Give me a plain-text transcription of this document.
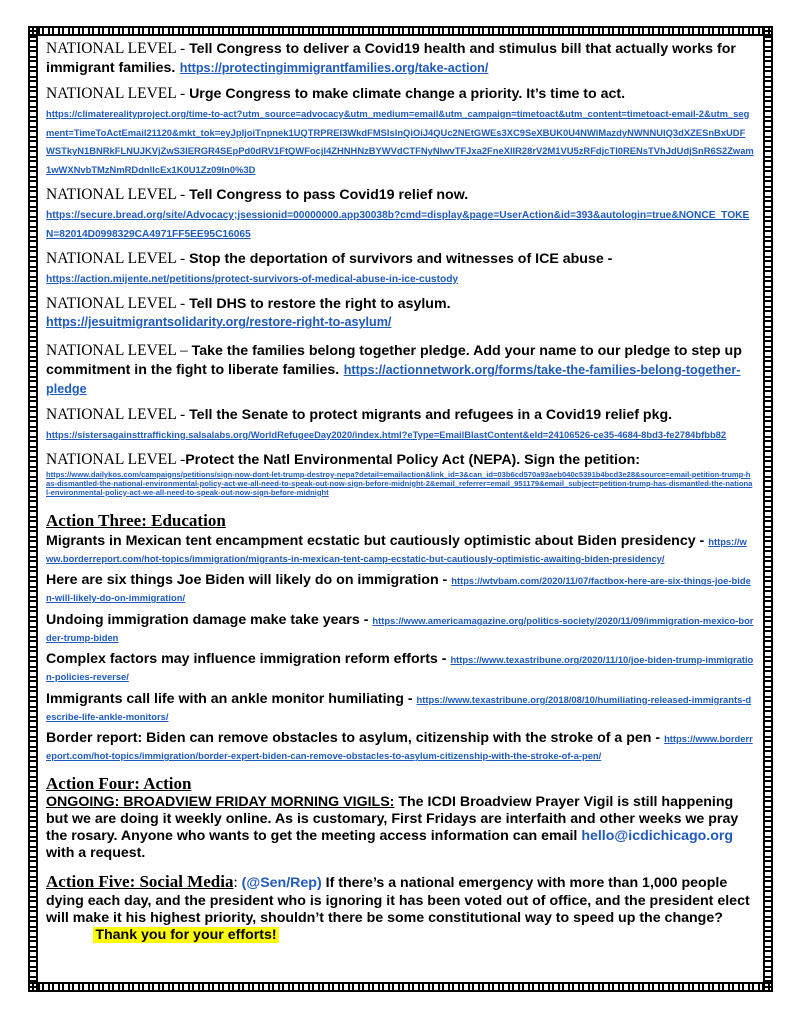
NATIONAL LEVEL - Tell Congress to deliver a Covid19 health and stimulus bill that actually works for immigrant families. https://protectingimmigrantfamilies.org/take-action/
NATIONAL LEVEL - Urge Congress to make climate change a priority. It’s time to act.
https://climaterealityproject.org/time-to-act?utm_source=advocacy&utm_medium=email&utm_campaign=timetoact&utm_content=timetoact-email-2&utm_segment=TimeToActEmail21120&mkt_tok=eyJpIjoiTnpnek1UQTRPREI3WkdFMSIsInQiOiJ4QUc2NEtGWEs3XC9SeXBUK0U4NWlMazdyNWNNUlQ3dXZESnBxUDFWSTkyN1BNRkFLNUJKVjZwS3lERGR4SEpPd0dRV1FtQWFocjl4ZHNHNzBYWVdCTFNyNlwvTFJxa2FneXlIR28rV2M1VU5zRFdjcTl0RENsTVhJdUdjSnR6S2Zwam1wWXNvbTMzNmRDdnlIcEx1K0U1Zz09In0%3D
NATIONAL LEVEL - Tell Congress to pass Covid19 relief now.
https://secure.bread.org/site/Advocacy;jsessionid=00000000.app30038b?cmd=display&page=UserAction&id=393&autologin=true&NONCE_TOKEN=82014D0998329CA4971FF5EE95C16065
NATIONAL LEVEL - Stop the deportation of survivors and witnesses of ICE abuse -
https://action.mijente.net/petitions/protect-survivors-of-medical-abuse-in-ice-custody
NATIONAL LEVEL - Tell DHS to restore the right to asylum.
https://jesuitmigrantsolidarity.org/restore-right-to-asylum/
NATIONAL LEVEL – Take the families belong together pledge. Add your name to our pledge to step up commitment in the fight to liberate families. https://actionnetwork.org/forms/take-the-families-belong-together-pledge
NATIONAL LEVEL - Tell the Senate to protect migrants and refugees in a Covid19 relief pkg.
https://sistersagainsttrafficking.salsalabs.org/WorldRefugeeDay2020/index.html?eType=EmailBlastContent&eId=24106526-ce35-4684-8bd3-fe2784bfbb82
NATIONAL LEVEL -Protect the Natl Environmental Policy Act (NEPA). Sign the petition:
https://www.dailykos.com/campaigns/petitions/sign-now-dont-let-trump-destroy-nepa?detail=emailaction&link_id=3&can_id=03b6cd570a93aeb040c5391b4bcd3e28&source=email-petition-trump-has-dismantled-the-national-environmental-policy-act-we-all-need-to-speak-out-now-sign-before-midnight-2&email_referrer=email_951179&email_subject=petition-trump-has-dismantled-the-national-environmental-policy-act-we-all-need-to-speak-out-now-sign-before-midnight
Action Three: Education
Migrants in Mexican tent encampment ecstatic but cautiously optimistic about Biden presidency - https://www.borderreport.com/hot-topics/immigration/migrants-in-mexican-tent-camp-ecstatic-but-cautiously-optimistic-awaiting-biden-presidency/
Here are six things Joe Biden will likely do on immigration - https://wtvbam.com/2020/11/07/factbox-here-are-six-things-joe-biden-will-likely-do-on-immigration/
Undoing immigration damage make take years - https://www.americamagazine.org/politics-society/2020/11/09/immigration-mexico-border-trump-biden
Complex factors may influence immigration reform efforts - https://www.texastribune.org/2020/11/10/joe-biden-trump-immigration-policies-reverse/
Immigrants call life with an ankle monitor humiliating - https://www.texastribune.org/2018/08/10/humiliating-released-immigrants-describe-life-ankle-monitors/
Border report: Biden can remove obstacles to asylum, citizenship with the stroke of a pen - https://www.borderreport.com/hot-topics/immigration/border-expert-biden-can-remove-obstacles-to-asylum-citizenship-with-the-stroke-of-a-pen/
Action Four: Action
ONGOING: BROADVIEW FRIDAY MORNING VIGILS: The ICDI Broadview Prayer Vigil is still happening but we are doing it weekly online. As is customary, First Fridays are interfaith and other weeks we pray the rosary. Anyone who wants to get the meeting access information can email hello@icdichicago.org with a request.
Action Five: Social Media: (@Sen/Rep) If there’s a national emergency with more than 1,000 people dying each day, and the president who is ignoring it has been voted out of office, and the president elect will make it his highest priority, shouldn’t there be some constitutional way to speed up the change?             Thank you for your efforts!
